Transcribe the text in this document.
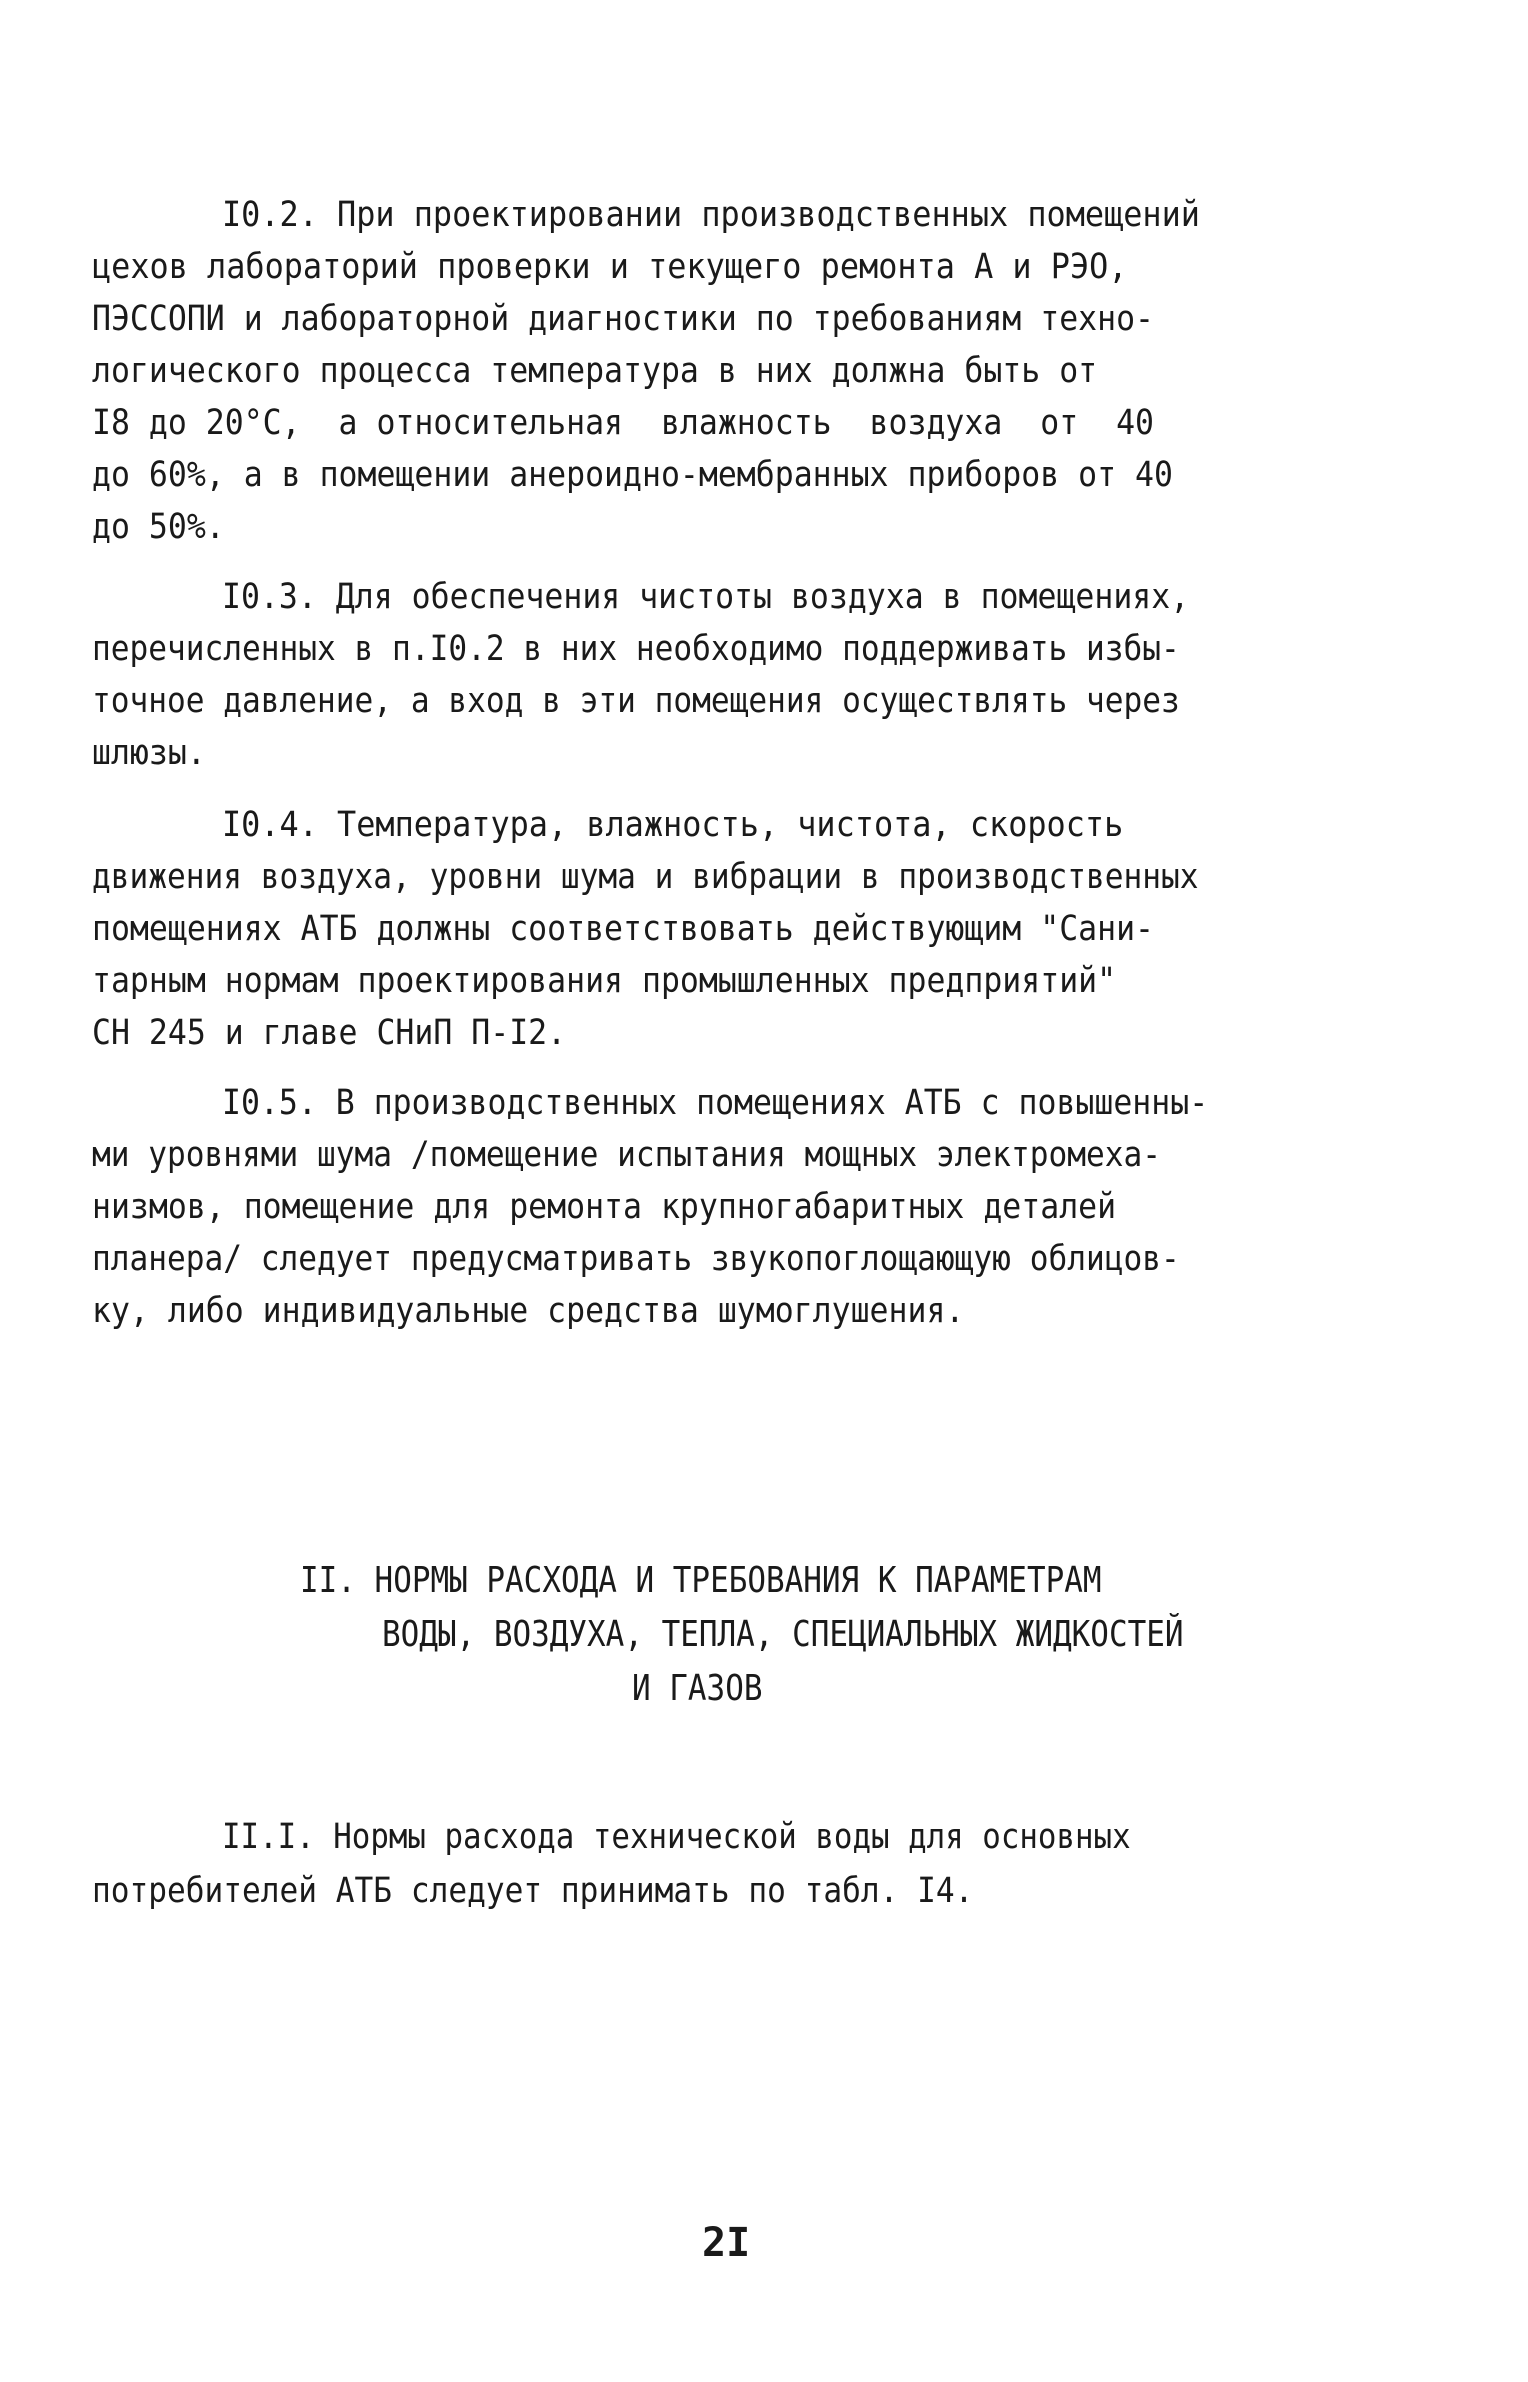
I0.2. При проектировании производственных помещений
цехов лабораторий проверки и текущего ремонта А и РЭО,
ПЭССОПИ и лабораторной диагностики по требованиям техно-
логического процесса температура в них должна быть от
I8 до 20°С,  а относительная  влажность  воздуха  от  40
до 60%, а в помещении анероидно-мембранных приборов от 40
до 50%.
I0.3. Для обеспечения чистоты воздуха в помещениях,
перечисленных в п.I0.2 в них необходимо поддерживать избы-
точное давление, а вход в эти помещения осуществлять через
шлюзы.
I0.4. Температура, влажность, чистота, скорость
движения воздуха, уровни шума и вибрации в производственных
помещениях АТБ должны соответствовать действующим "Сани-
тарным нормам проектирования промышленных предприятий"
СН 245 и главе СНиП П-I2.
I0.5. В производственных помещениях АТБ с повышенны-
ми уровнями шума /помещение испытания мощных электромеха-
низмов, помещение для ремонта крупногабаритных деталей
планера/ следует предусматривать звукопоглощающую облицов-
ку, либо индивидуальные средства шумоглушения.
II. НОРМЫ РАСХОДА И ТРЕБОВАНИЯ К ПАРАМЕТРАМ
ВОДЫ, ВОЗДУХА, ТЕПЛА, СПЕЦИАЛЬНЫХ ЖИДКОСТЕЙ
И ГАЗОВ
II.I. Нормы расхода технической воды для основных
потребителей АТБ следует принимать по табл. I4.
2I
